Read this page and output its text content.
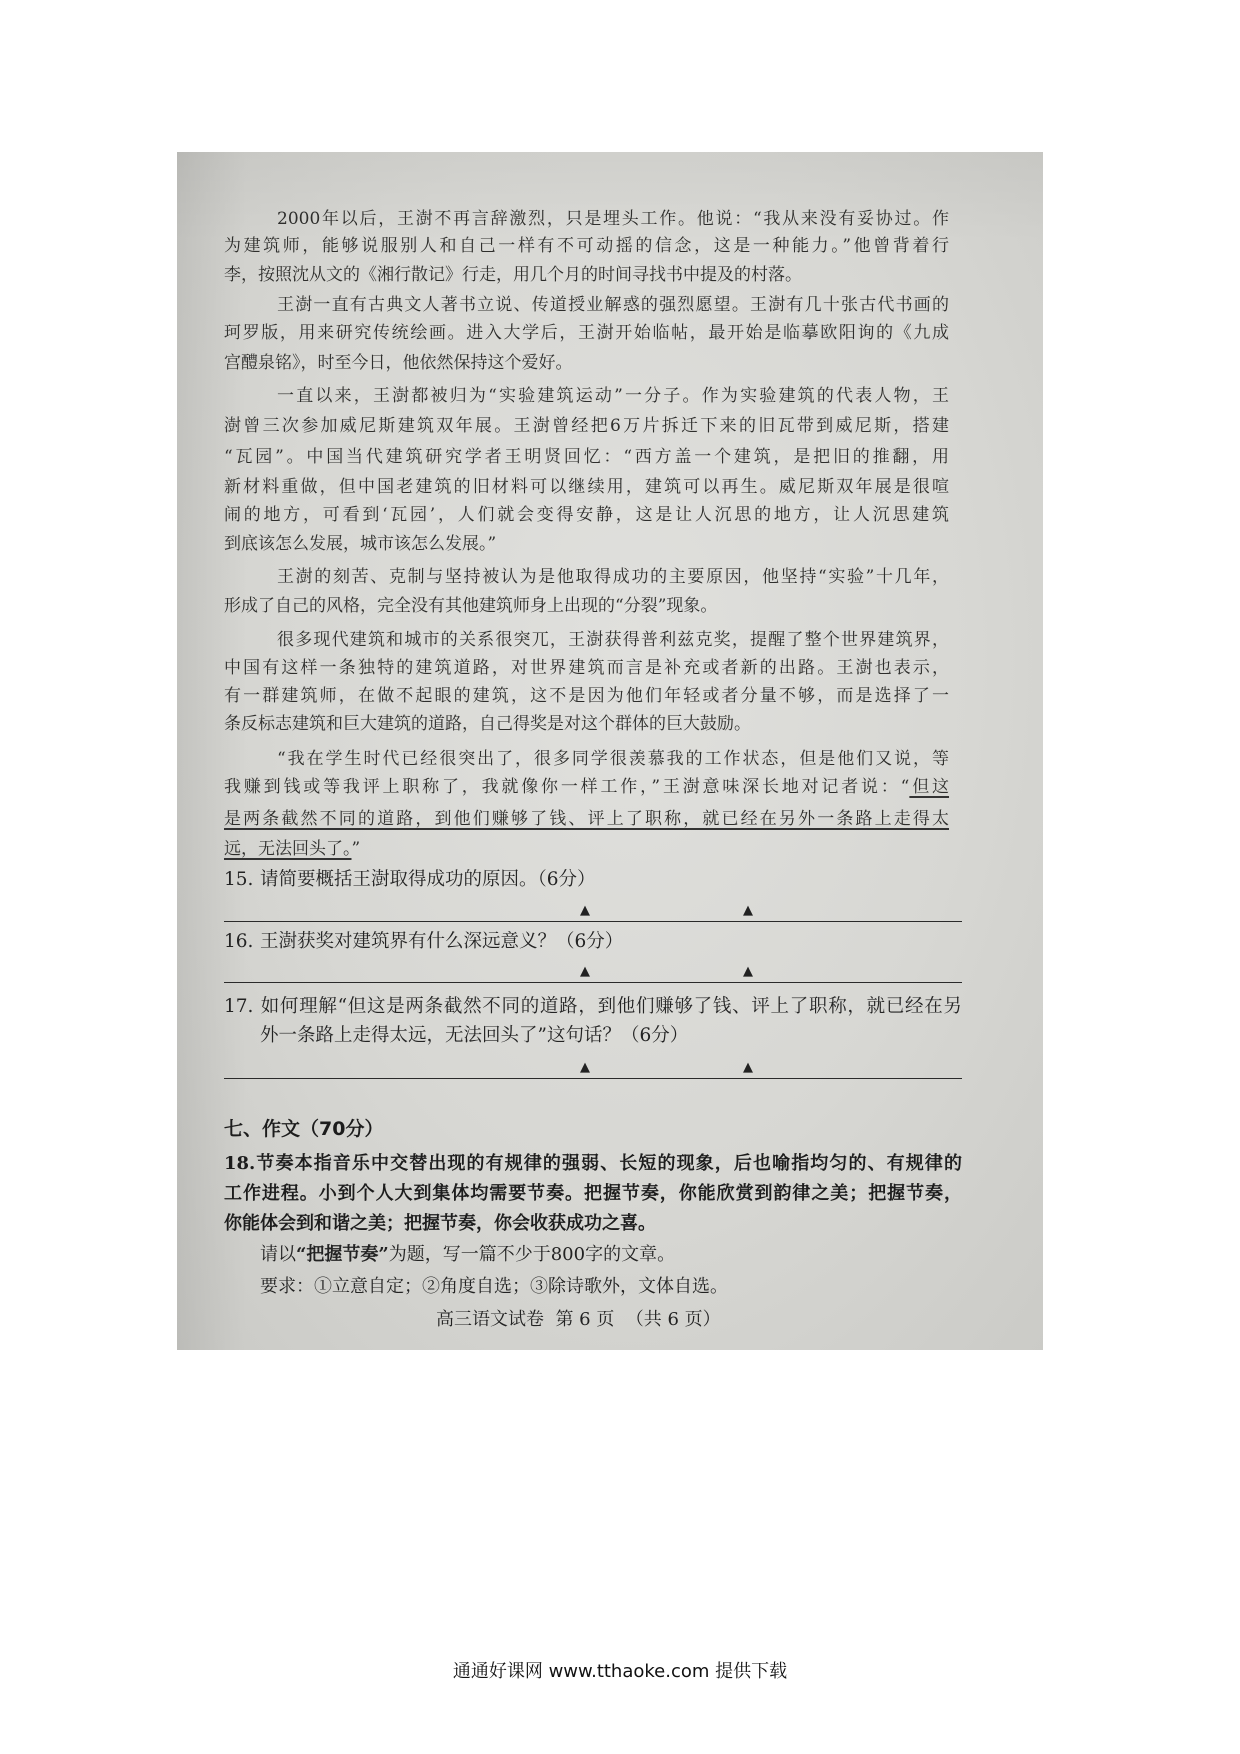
2000年以后，王澍不再言辞激烈，只是埋头工作。他说：“我从来没有妥协过。作
为建筑师，能够说服别人和自己一样有不可动摇的信念，这是一种能力。”他曾背着行
李，按照沈从文的《湘行散记》行走，用几个月的时间寻找书中提及的村落。
王澍一直有古典文人著书立说、传道授业解惑的强烈愿望。王澍有几十张古代书画的
珂罗版，用来研究传统绘画。进入大学后，王澍开始临帖，最开始是临摹欧阳询的《九成
宫醴泉铭》，时至今日，他依然保持这个爱好。
一直以来，王澍都被归为“实验建筑运动”一分子。作为实验建筑的代表人物，王
澍曾三次参加威尼斯建筑双年展。王澍曾经把6万片拆迁下来的旧瓦带到威尼斯，搭建
“瓦园”。中国当代建筑研究学者王明贤回忆：“西方盖一个建筑，是把旧的推翻，用
新材料重做，但中国老建筑的旧材料可以继续用，建筑可以再生。威尼斯双年展是很喧
闹的地方，可看到‘瓦园’，人们就会变得安静，这是让人沉思的地方，让人沉思建筑
到底该怎么发展，城市该怎么发展。”
王澍的刻苦、克制与坚持被认为是他取得成功的主要原因，他坚持“实验”十几年，
形成了自己的风格，完全没有其他建筑师身上出现的“分裂”现象。
很多现代建筑和城市的关系很突兀，王澍获得普利兹克奖，提醒了整个世界建筑界，
中国有这样一条独特的建筑道路，对世界建筑而言是补充或者新的出路。王澍也表示，
有一群建筑师，在做不起眼的建筑，这不是因为他们年轻或者分量不够，而是选择了一
条反标志建筑和巨大建筑的道路，自己得奖是对这个群体的巨大鼓励。
“我在学生时代已经很突出了，很多同学很羡慕我的工作状态，但是他们又说，等
我赚到钱或等我评上职称了，我就像你一样工作，”王澍意味深长地对记者说：“但这
是两条截然不同的道路，到他们赚够了钱、评上了职称，就已经在另外一条路上走得太
远，无法回头了。”
15. 请简要概括王澍取得成功的原因。（6分）
▲	▲
16. 王澍获奖对建筑界有什么深远意义？（6分）
▲	▲
17. 如何理解“但这是两条截然不同的道路，到他们赚够了钱、评上了职称，就已经在另
外一条路上走得太远，无法回头了”这句话？（6分）
▲	▲
七、作文（70分）
18.节奏本指音乐中交替出现的有规律的强弱、长短的现象，后也喻指均匀的、有规律的
工作进程。小到个人大到集体均需要节奏。把握节奏，你能欣赏到韵律之美；把握节奏，
你能体会到和谐之美；把握节奏，你会收获成功之喜。
请以“把握节奏”为题，写一篇不少于800字的文章。
要求：①立意自定；②角度自选；③除诗歌外，文体自选。
高三语文试卷  第 6 页  （共 6 页）
通通好课网 www.tthaoke.com 提供下载
